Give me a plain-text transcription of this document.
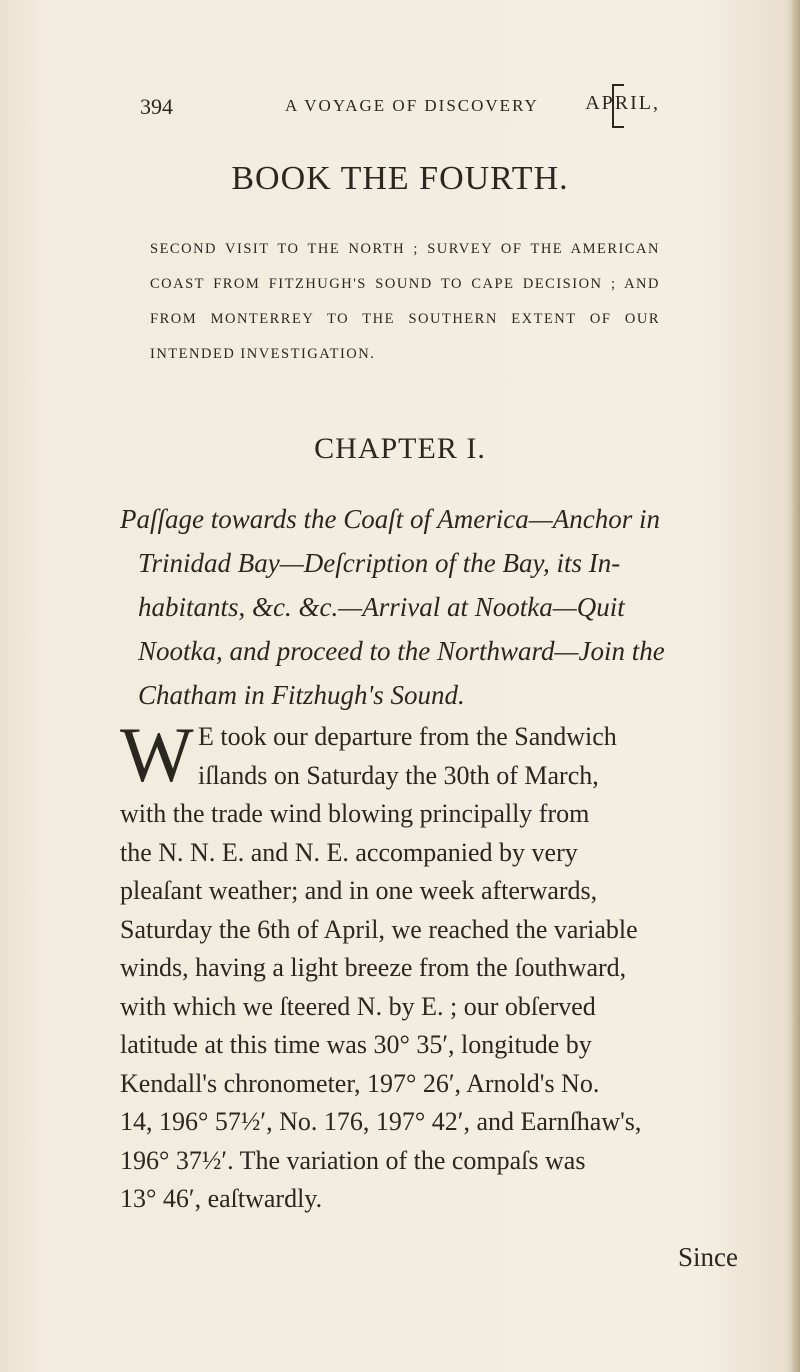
394	A VOYAGE OF DISCOVERY APRIL,
BOOK THE FOURTH.
SECOND VISIT TO THE NORTH ; SURVEY OF THE AMERICAN COAST FROM FITZHUGH'S SOUND TO CAPE DECISION ; AND FROM MONTERREY TO THE SOUTHERN EXTENT OF OUR INTENDED INVESTIGATION.
CHAPTER I.
Paſſage towards the Coaſt of America—Anchor in
Trinidad Bay—Deſcription of the Bay, its In-
habitants, &c. &c.—Arrival at Nootka—Quit
Nootka, and proceed to the Northward—Join the
Chatham in Fitzhugh's Sound.
W E took our departure from the Sandwich
iſlands on Saturday the 30th of March,
with the trade wind blowing principally from
the N. N. E. and N. E. accompanied by very
pleaſant weather; and in one week afterwards,
Saturday the 6th of April, we reached the variable
winds, having a light breeze from the ſouthward,
with which we ſteered N. by E. ; our obſerved
latitude at this time was 30° 35′, longitude by
Kendall's chronometer, 197° 26′, Arnold's No.
14, 196° 57½′, No. 176, 197° 42′, and Earnſhaw's,
196° 37½′. The variation of the compaſs was
13° 46′, eaſtwardly.
Since
